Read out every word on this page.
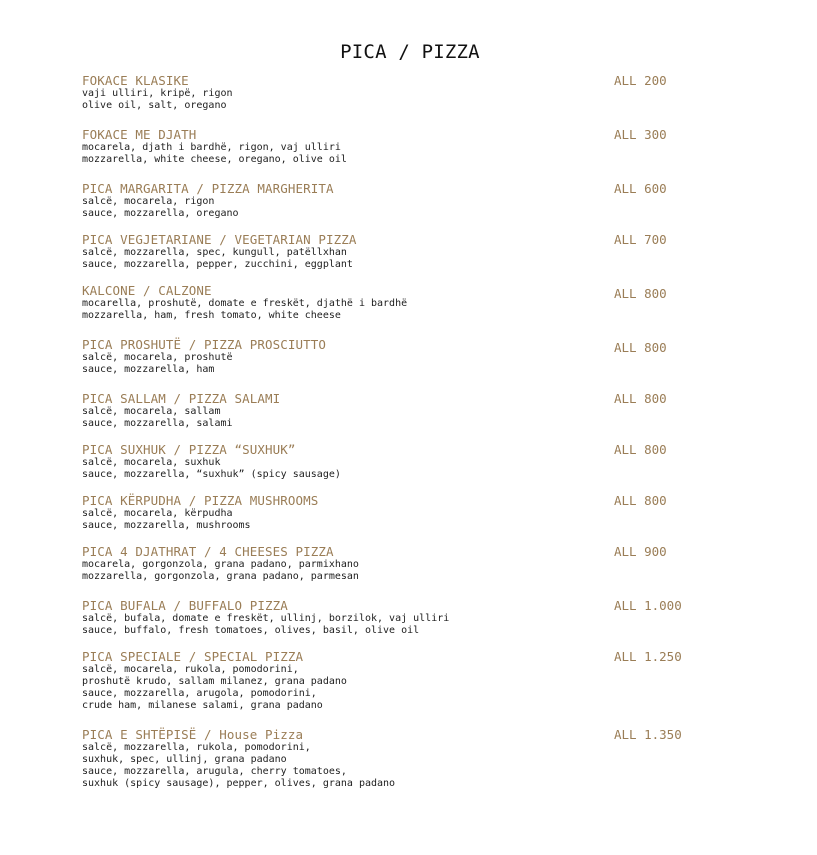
PICA / PIZZA
FOKACE KLASIKE	ALL 200
vaji ulliri, kripë, rigon
olive oil, salt, oregano
FOKACE ME DJATH	ALL 300
mocarela, djath i bardhë, rigon, vaj ulliri
mozzarella, white cheese, oregano, olive oil
PICA MARGARITA / PIZZA MARGHERITA	ALL 600
salcë, mocarela, rigon
sauce, mozzarella, oregano
PICA VEGJETARIANE / VEGETARIAN PIZZA	ALL 700
salcë, mozzarella, spec, kungull, patëllxhan
sauce, mozzarella, pepper, zucchini, eggplant
KALCONE / CALZONE	ALL 800
mocarella, proshutë, domate e freskët, djathë i bardhë
mozzarella, ham, fresh tomato, white cheese
PICA PROSHUTË / PIZZA PROSCIUTTO	ALL 800
salcë, mocarela, proshutë
sauce, mozzarella, ham
PICA SALLAM / PIZZA SALAMI	ALL 800
salcë, mocarela, sallam
sauce, mozzarella, salami
PICA SUXHUK / PIZZA “SUXHUK”	ALL 800
salcë, mocarela, suxhuk
sauce, mozzarella, “suxhuk” (spicy sausage)
PICA KËRPUDHA / PIZZA MUSHROOMS	ALL 800
salcë, mocarela, kërpudha
sauce, mozzarella, mushrooms
PICA 4 DJATHRAT / 4 CHEESES PIZZA	ALL 900
mocarela, gorgonzola, grana padano, parmixhano
mozzarella, gorgonzola, grana padano, parmesan
PICA BUFALA / BUFFALO PIZZA	ALL 1.000
salcë, bufala, domate e freskët, ullinj, borzilok, vaj ulliri
sauce, buffalo, fresh tomatoes, olives, basil, olive oil
PICA SPECIALE / SPECIAL PIZZA	ALL 1.250
salcë, mocarela, rukola, pomodorini,
proshutë krudo, sallam milanez, grana padano
sauce, mozzarella, arugola, pomodorini,
crude ham, milanese salami, grana padano
PICA E SHTËPISË / House Pizza	ALL 1.350
salcë, mozzarella, rukola, pomodorini,
suxhuk, spec, ullinj, grana padano
sauce, mozzarella, arugula, cherry tomatoes,
suxhuk (spicy sausage), pepper, olives, grana padano
